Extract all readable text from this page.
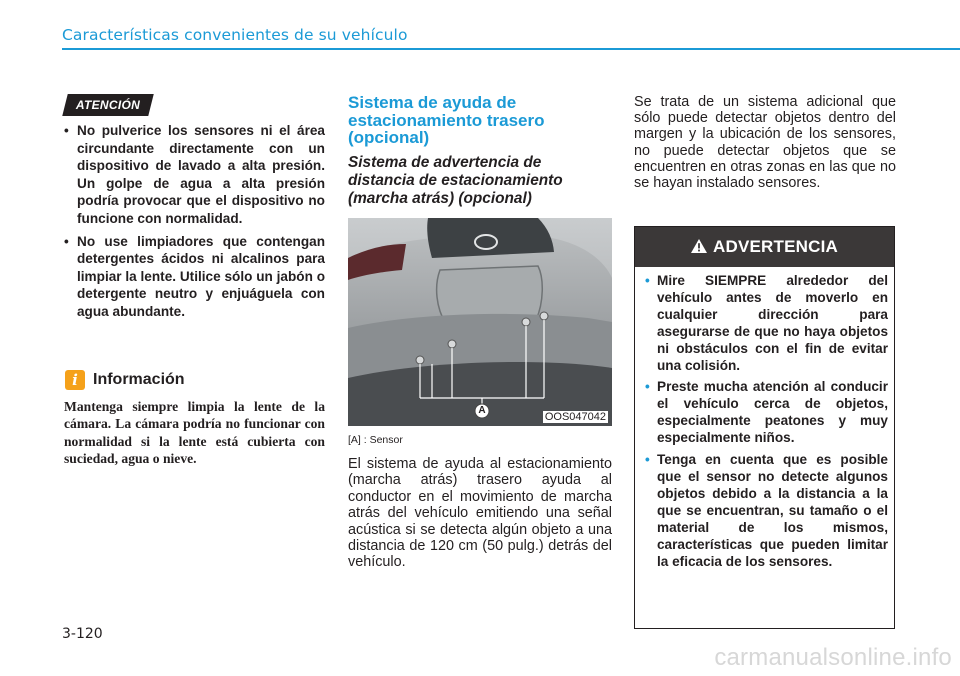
Características convenientes de su vehículo
ATENCIÓN
• No pulverice los sensores ni el área circundante directamente con un dispositivo de lavado a alta presión. Un golpe de agua a alta presión podría provocar que el dispositivo no funcione con normalidad.
• No use limpiadores que contengan detergentes ácidos ni alcalinos para limpiar la lente. Utilice sólo un jabón o detergente neutro y enjuáguela con agua abundante.
i Información
Mantenga siempre limpia la lente de la cámara. La cámara podría no funcionar con normalidad si la lente está cubierta con suciedad, agua o nieve.
Sistema de ayuda de estacionamiento trasero (opcional)
Sistema de advertencia de distancia de estacionamiento (marcha atrás) (opcional)
A
OOS047042
[A] : Sensor
El sistema de ayuda al estacionamiento (marcha atrás) trasero ayuda al conductor en el movimiento de marcha atrás del vehículo emitiendo una señal acústica si se detecta algún objeto a una distancia de 120 cm (50 pulg.) detrás del vehículo.
Se trata de un sistema adicional que sólo puede detectar objetos dentro del margen y la ubicación de los sensores, no puede detectar objetos que se encuentren en otras zonas en las que no se hayan instalado sensores.
ADVERTENCIA
• Mire SIEMPRE alrededor del vehículo antes de moverlo en cualquier dirección para asegurarse de que no haya objetos ni obstáculos con el fin de evitar una colisión.
• Preste mucha atención al conducir el vehículo cerca de objetos, especialmente peatones y muy especialmente niños.
• Tenga en cuenta que es posible que el sensor no detecte algunos objetos debido a la distancia a la que se encuentran, su tamaño o el material de los mismos, características que pueden limitar la eficacia de los sensores.
3-120
carmanualsonline.info
